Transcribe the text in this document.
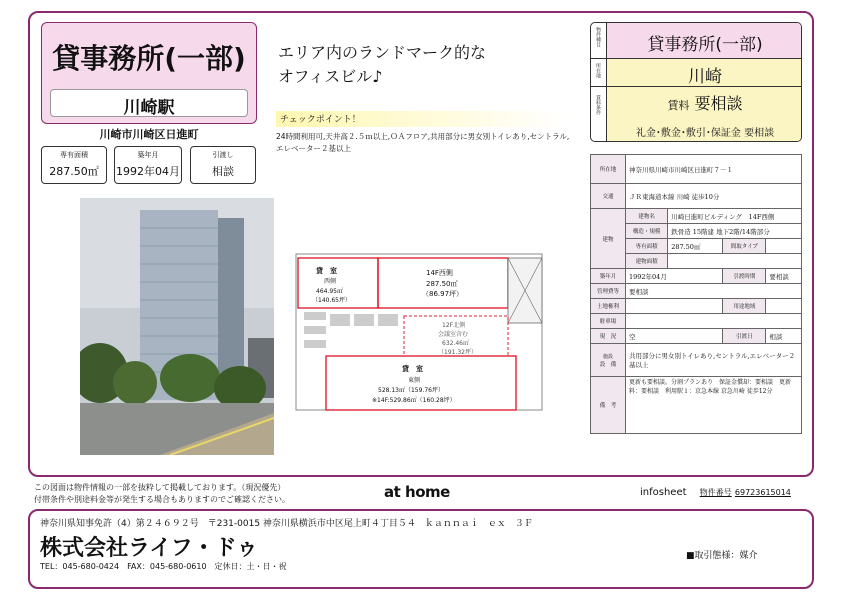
貸事務所(一部)
川崎駅
川崎市川崎区日進町
専有面積
287.50㎡
築年月
1992年04月
引渡し
相談
エリア内のランドマーク的な
オフィスビル♪
チェックポイント！
24時間利用可,天井高２.５ｍ以上,ＯＡフロア,共用部分に男女別トイレあり,セントラル,エレベーター２基以上
貸　室
西側
464.95㎡
（140.65坪）
14F西側
287.50㎡
（86.97坪）
12F北側
会議室含む
632.46㎡
（191.32坪）
貸　室
東側
528.13㎡（159.76坪）
※14F:529.86㎡（160.28坪）
物件種目	貸事務所(一部)
所在地	川崎
賃料条件	賃料 要相談
礼金･敷金･敷引･保証金 要相談
所在地	神奈川県川崎市川崎区日進町７－１			
交通	ＪＲ東海道本線 川崎 徒歩10分			
建物	建物名	川崎日進町ビルディング　14F西側		
	構造・規模	鉄骨造 15階建 地下2階/14階部分		
	専有面積	287.50㎡	間取タイプ	
	建物面積			
築年月	1992年04月		引渡時期	要相談
管理費等	要相談			
土地権利			用途地域	
駐車場				
現　況	空		引渡日	相談

施設
設　備	共用部分に男女別トイレあり,セントラル,エレベーター２基以上			
備　考	更新も要相談。分割プランあり　保証金償却：要相談　更新料：要相談　利用駅１：京急本線 京急川崎 徒歩12分			
この図面は物件情報の一部を抜粋して掲載しております。（現況優先）
付帯条件や別途料金等が発生する場合もありますのでご確認ください。	at home	infosheet 物件番号 69723615014
神奈川県知事免許（4）第２４６９２号　〒231-0015 神奈川県横浜市中区尾上町４丁目５４　ｋａｎｎａｉ　ｅｘ　３Ｆ
株式会社ライフ・ドゥ
TEL：045-680-0424　FAX：045-680-0610　定休日：土・日・祝
■取引態様：媒介
